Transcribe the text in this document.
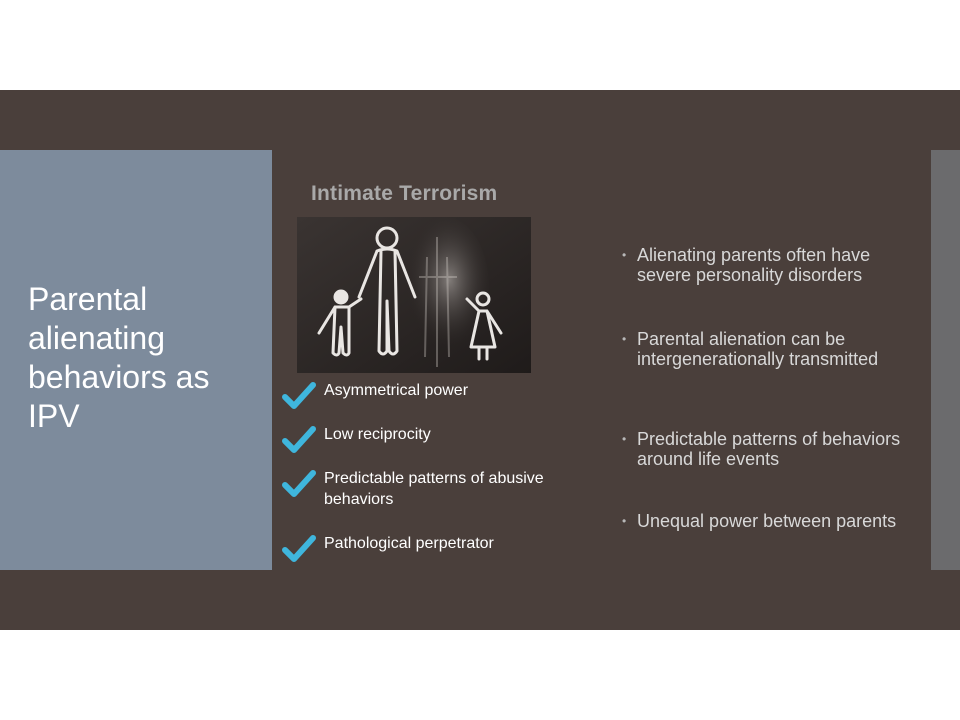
Parental alienating behaviors as IPV
Intimate Terrorism
Asymmetrical power
Low reciprocity
Predictable patterns of abusive behaviors
Pathological perpetrator
• Alienating parents often have severe personality disorders
• Parental alienation can be intergenerationally transmitted
• Predictable patterns of behaviors around life events
• Unequal power between parents
